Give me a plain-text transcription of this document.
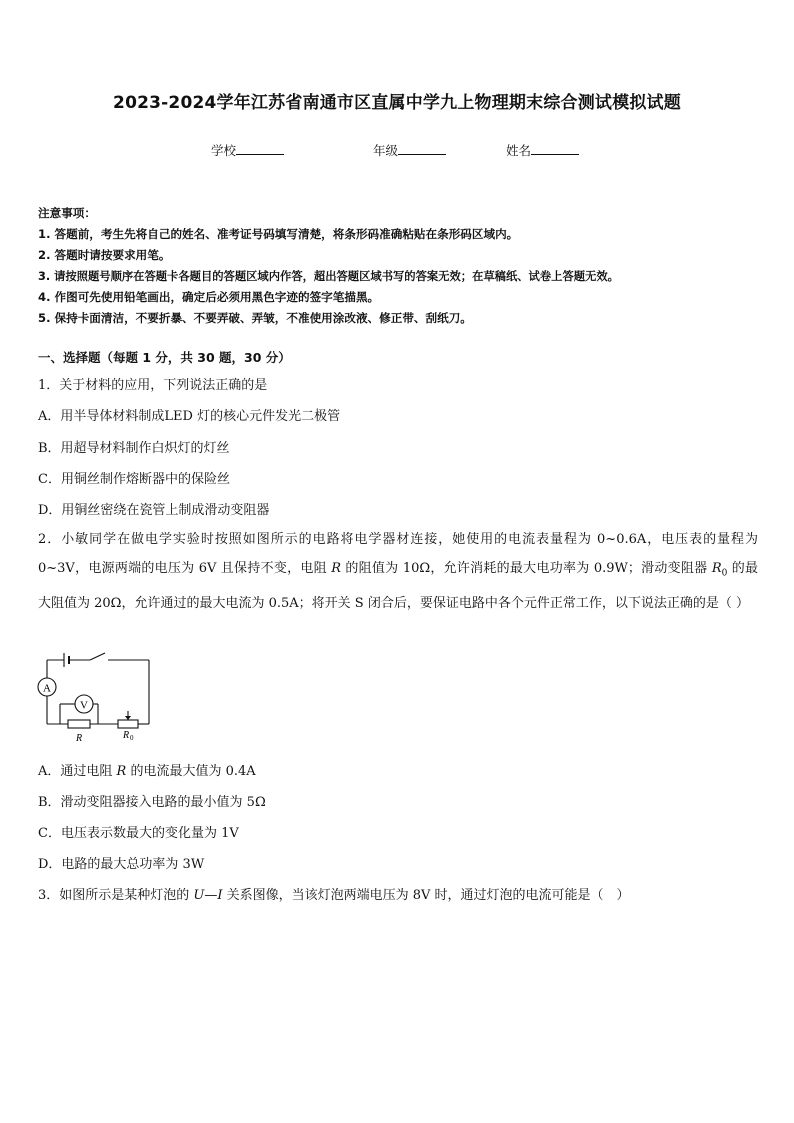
2023-2024学年江苏省南通市区直属中学九上物理期末综合测试模拟试题
学校	年级	姓名
注意事项：
1. 答题前，考生先将自己的姓名、准考证号码填写清楚，将条形码准确粘贴在条形码区域内。
2. 答题时请按要求用笔。
3. 请按照题号顺序在答题卡各题目的答题区域内作答，超出答题区域书写的答案无效；在草稿纸、试卷上答题无效。
4. 作图可先使用铅笔画出，确定后必须用黑色字迹的签字笔描黑。
5. 保持卡面清洁，不要折暴、不要弄破、弄皱，不准使用涂改液、修正带、刮纸刀。
一、选择题（每题 1 分，共 30 题，30 分）
1．关于材料的应用，下列说法正确的是
A．用半导体材料制成LED 灯的核心元件发光二极管
B．用超导材料制作白炽灯的灯丝
C．用铜丝制作熔断器中的保险丝
D．用铜丝密绕在瓷管上制成滑动变阻器
2．小敏同学在做电学实验时按照如图所示的电路将电学器材连接，她使用的电流表量程为 0~0.6A，电压表的量程为 0~3V，电源两端的电压为 6V 且保持不变，电阻 R 的阻值为 10Ω，允许消耗的最大电功率为 0.9W；滑动变阻器 $R_0$ 的最大阻值为 20Ω，允许通过的最大电流为 0.5A；将开关 S 闭合后，要保证电路中各个元件正常工作，以下说法正确的是（ ）
A
V
R	R 0
A．通过电阻 R 的电流最大值为 0.4A
B．滑动变阻器接入电路的最小值为 5Ω
C．电压表示数最大的变化量为 1V
D．电路的最大总功率为 3W
3．如图所示是某种灯泡的 U—I 关系图像，当该灯泡两端电压为 8V 时，通过灯泡的电流可能是（　）
